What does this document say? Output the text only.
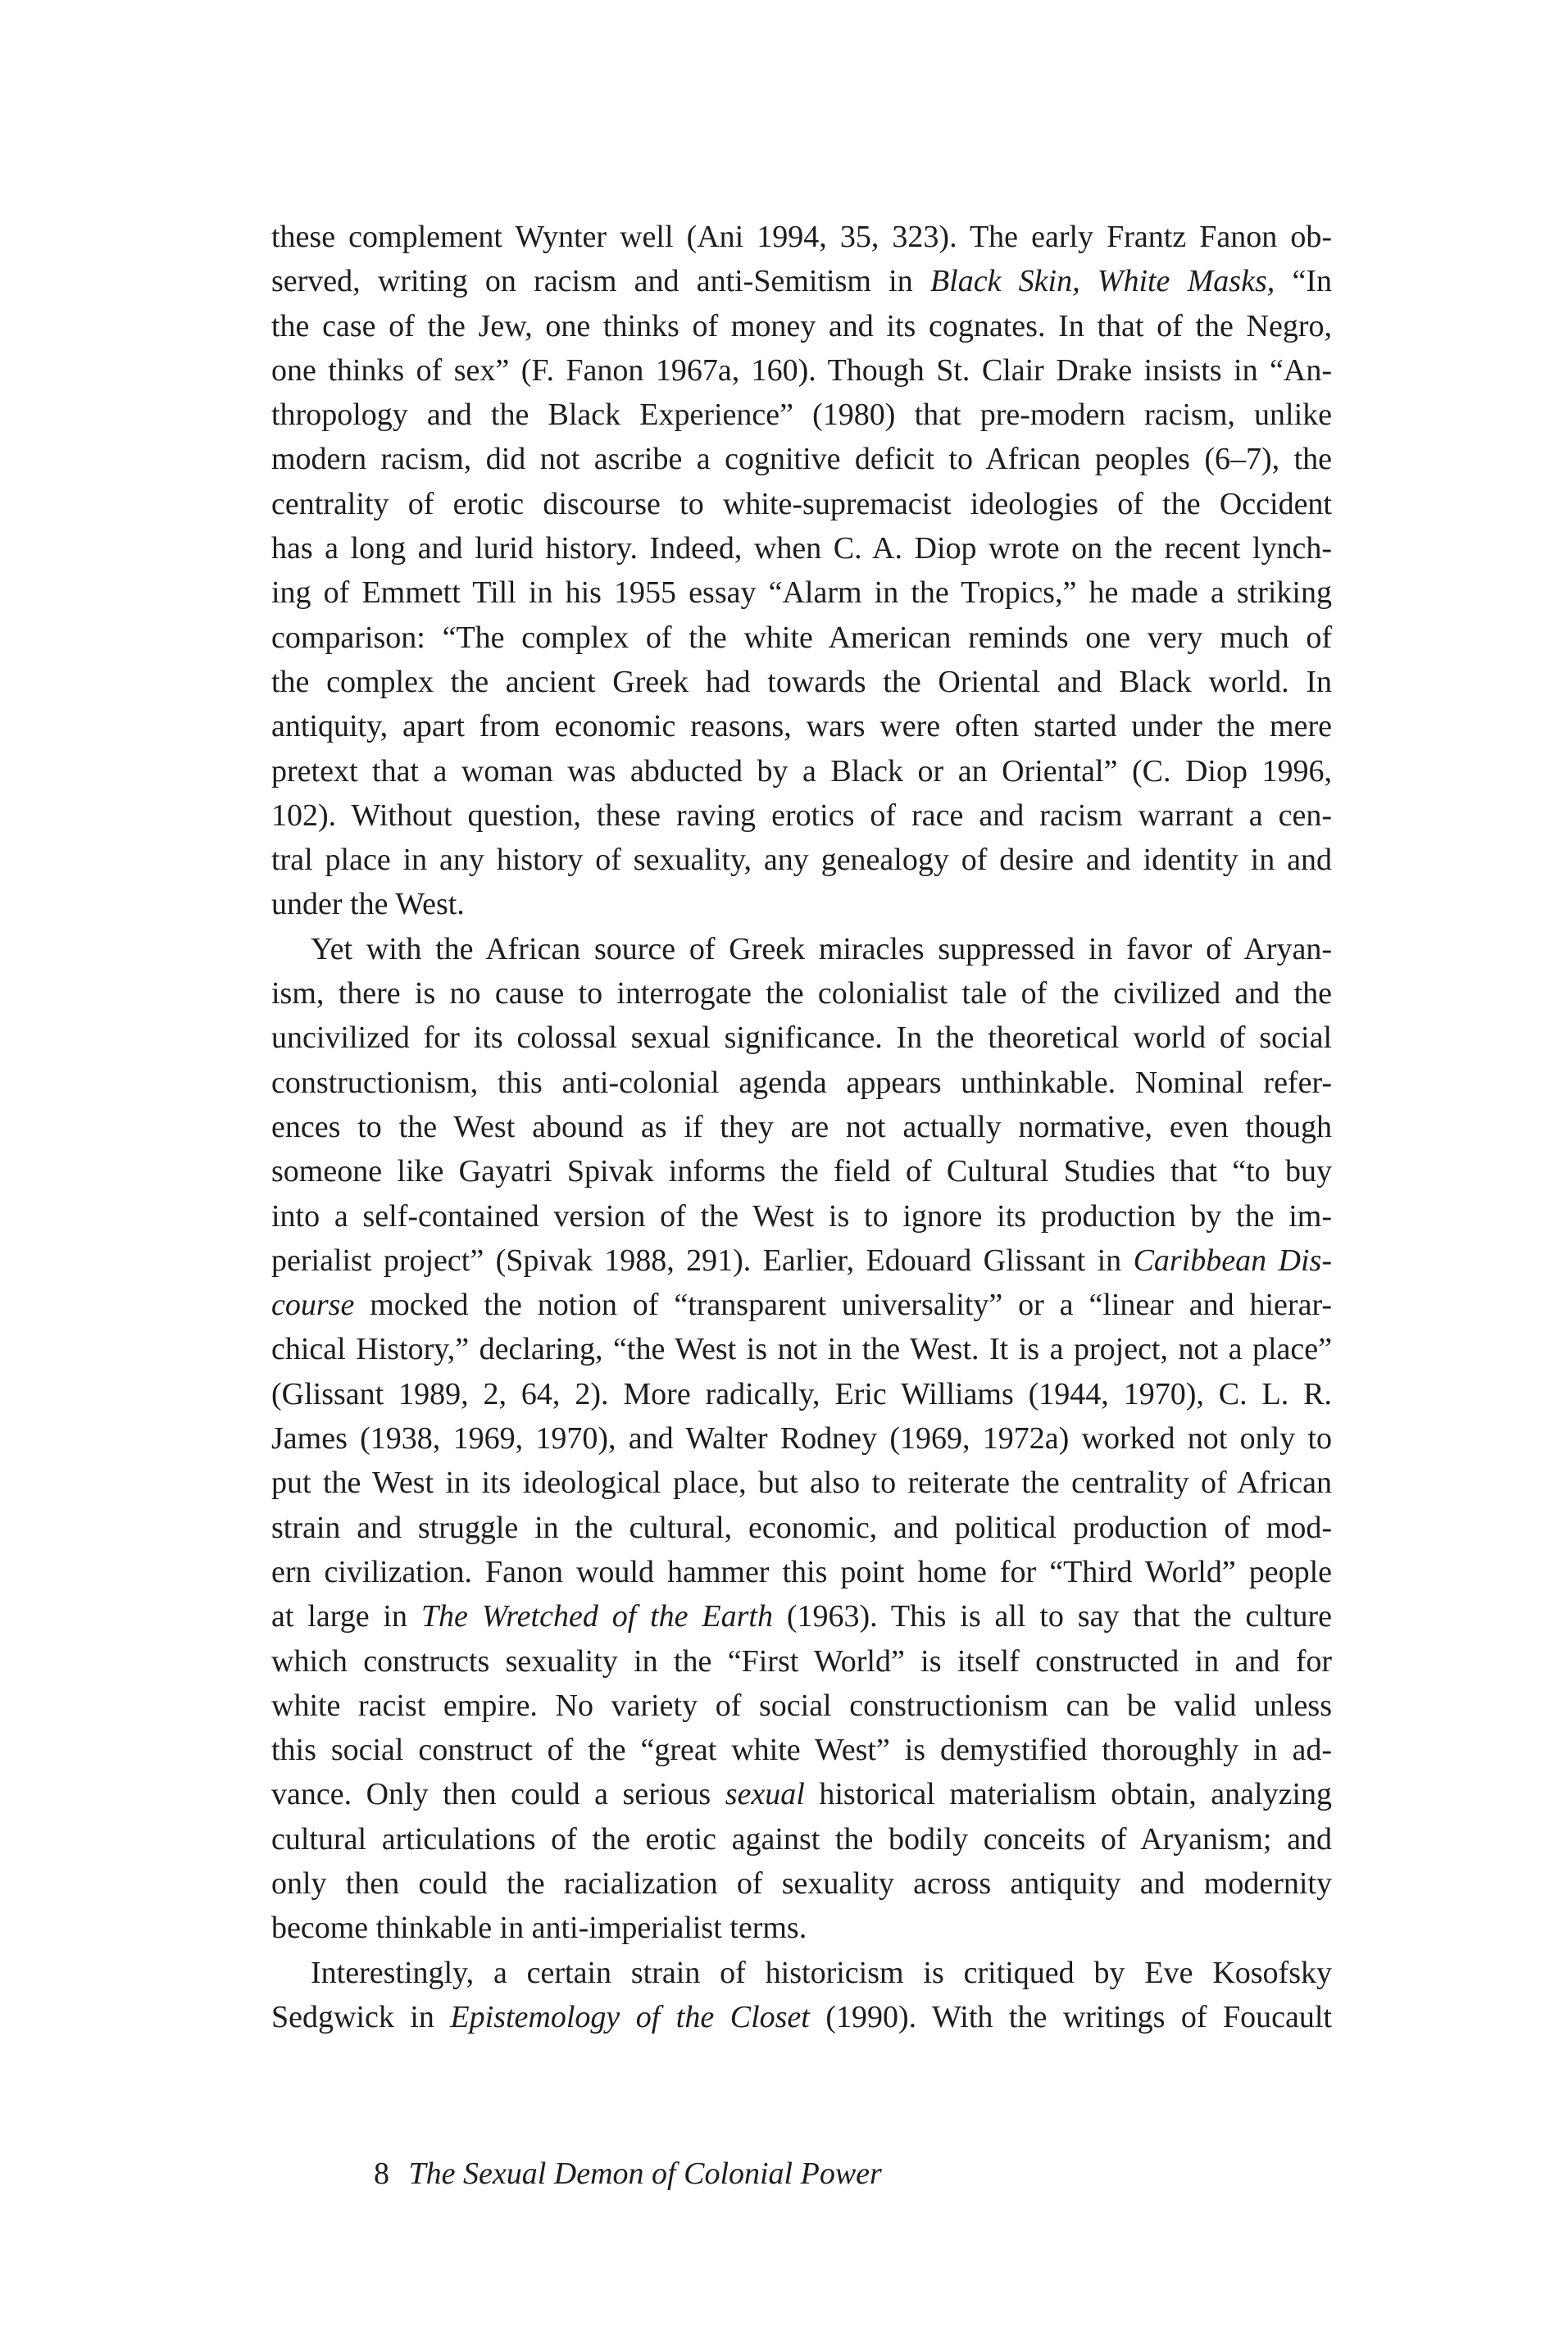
these complement Wynter well (Ani 1994, 35, 323). The early Frantz Fanon ob-
served, writing on racism and anti-Semitism in Black Skin, White Masks, “In
the case of the Jew, one thinks of money and its cognates. In that of the Negro,
one thinks of sex” (F. Fanon 1967a, 160). Though St. Clair Drake insists in “An-
thropology and the Black Experience” (1980) that pre-modern racism, unlike
modern racism, did not ascribe a cognitive deficit to African peoples (6–7), the
centrality of erotic discourse to white-supremacist ideologies of the Occident
has a long and lurid history. Indeed, when C. A. Diop wrote on the recent lynch-
ing of Emmett Till in his 1955 essay “Alarm in the Tropics,” he made a striking
comparison: “The complex of the white American reminds one very much of
the complex the ancient Greek had towards the Oriental and Black world. In
antiquity, apart from economic reasons, wars were often started under the mere
pretext that a woman was abducted by a Black or an Oriental” (C. Diop 1996,
102). Without question, these raving erotics of race and racism warrant a cen-
tral place in any history of sexuality, any genealogy of desire and identity in and
under the West.
Yet with the African source of Greek miracles suppressed in favor of Aryan-
ism, there is no cause to interrogate the colonialist tale of the civilized and the
uncivilized for its colossal sexual significance. In the theoretical world of social
constructionism, this anti-colonial agenda appears unthinkable. Nominal refer-
ences to the West abound as if they are not actually normative, even though
someone like Gayatri Spivak informs the field of Cultural Studies that “to buy
into a self-contained version of the West is to ignore its production by the im-
perialist project” (Spivak 1988, 291). Earlier, Edouard Glissant in Caribbean Dis-
course mocked the notion of “transparent universality” or a “linear and hierar-
chical History,” declaring, “the West is not in the West. It is a project, not a place”
(Glissant 1989, 2, 64, 2). More radically, Eric Williams (1944, 1970), C. L. R.
James (1938, 1969, 1970), and Walter Rodney (1969, 1972a) worked not only to
put the West in its ideological place, but also to reiterate the centrality of African
strain and struggle in the cultural, economic, and political production of mod-
ern civilization. Fanon would hammer this point home for “Third World” people
at large in The Wretched of the Earth (1963). This is all to say that the culture
which constructs sexuality in the “First World” is itself constructed in and for
white racist empire. No variety of social constructionism can be valid unless
this social construct of the “great white West” is demystified thoroughly in ad-
vance. Only then could a serious sexual historical materialism obtain, analyzing
cultural articulations of the erotic against the bodily conceits of Aryanism; and
only then could the racialization of sexuality across antiquity and modernity
become thinkable in anti-imperialist terms.
Interestingly, a certain strain of historicism is critiqued by Eve Kosofsky
Sedgwick in Epistemology of the Closet (1990). With the writings of Foucault
8 The Sexual Demon of Colonial Power
